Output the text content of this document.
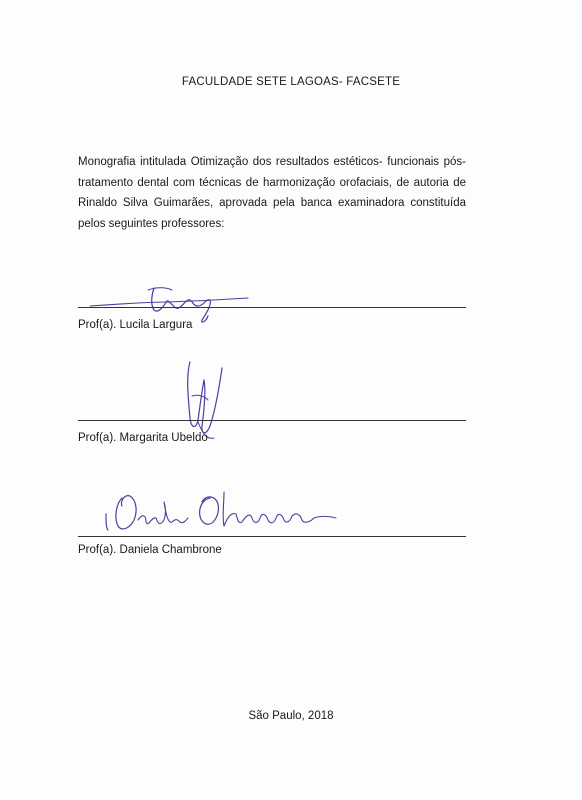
FACULDADE SETE LAGOAS- FACSETE
Monografia intitulada Otimização dos resultados estéticos- funcionais pós-tratamento dental com técnicas de harmonização orofaciais, de autoria de Rinaldo Silva Guimarães, aprovada pela banca examinadora constituída pelos seguintes professores:
Prof(a). Lucila Largura
Prof(a). Margarita Ubeldo
Prof(a). Daniela Chambrone
São Paulo, 2018
